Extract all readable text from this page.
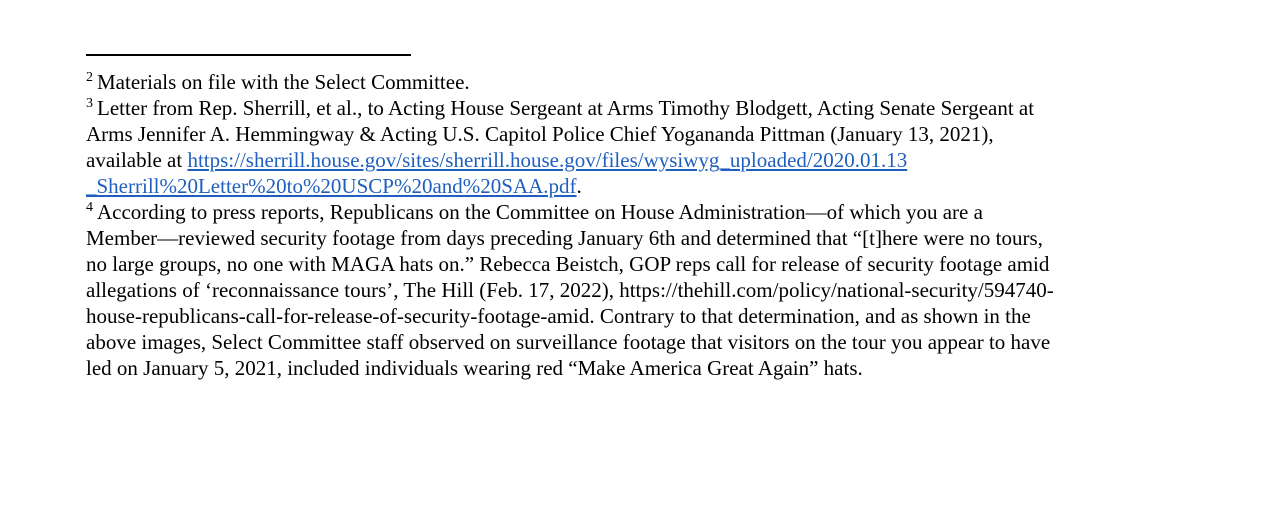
$^2$ Materials on file with the Select Committee.

$^3$ Letter from Rep. Sherrill, et al., to Acting House Sergeant at Arms Timothy Blodgett, Acting Senate Sergeant at
Arms Jennifer A. Hemmingway & Acting U.S. Capitol Police Chief Yogananda Pittman (January 13, 2021),
available at https://sherrill.house.gov/sites/sherrill.house.gov/files/wysiwyg_uploaded/2020.01.13
_Sherrill%20Letter%20to%20USCP%20and%20SAA.pdf.

$^4$ According to press reports, Republicans on the Committee on House Administration—of which you are a
Member—reviewed security footage from days preceding January 6th and determined that “[t]here were no tours,
no large groups, no one with MAGA hats on.” Rebecca Beistch, GOP reps call for release of security footage amid
allegations of ‘reconnaissance tours’, The Hill (Feb. 17, 2022), https://thehill.com/policy/national-security/594740-
house-republicans-call-for-release-of-security-footage-amid. Contrary to that determination, and as shown in the
above images, Select Committee staff observed on surveillance footage that visitors on the tour you appear to have
led on January 5, 2021, included individuals wearing red “Make America Great Again” hats.
